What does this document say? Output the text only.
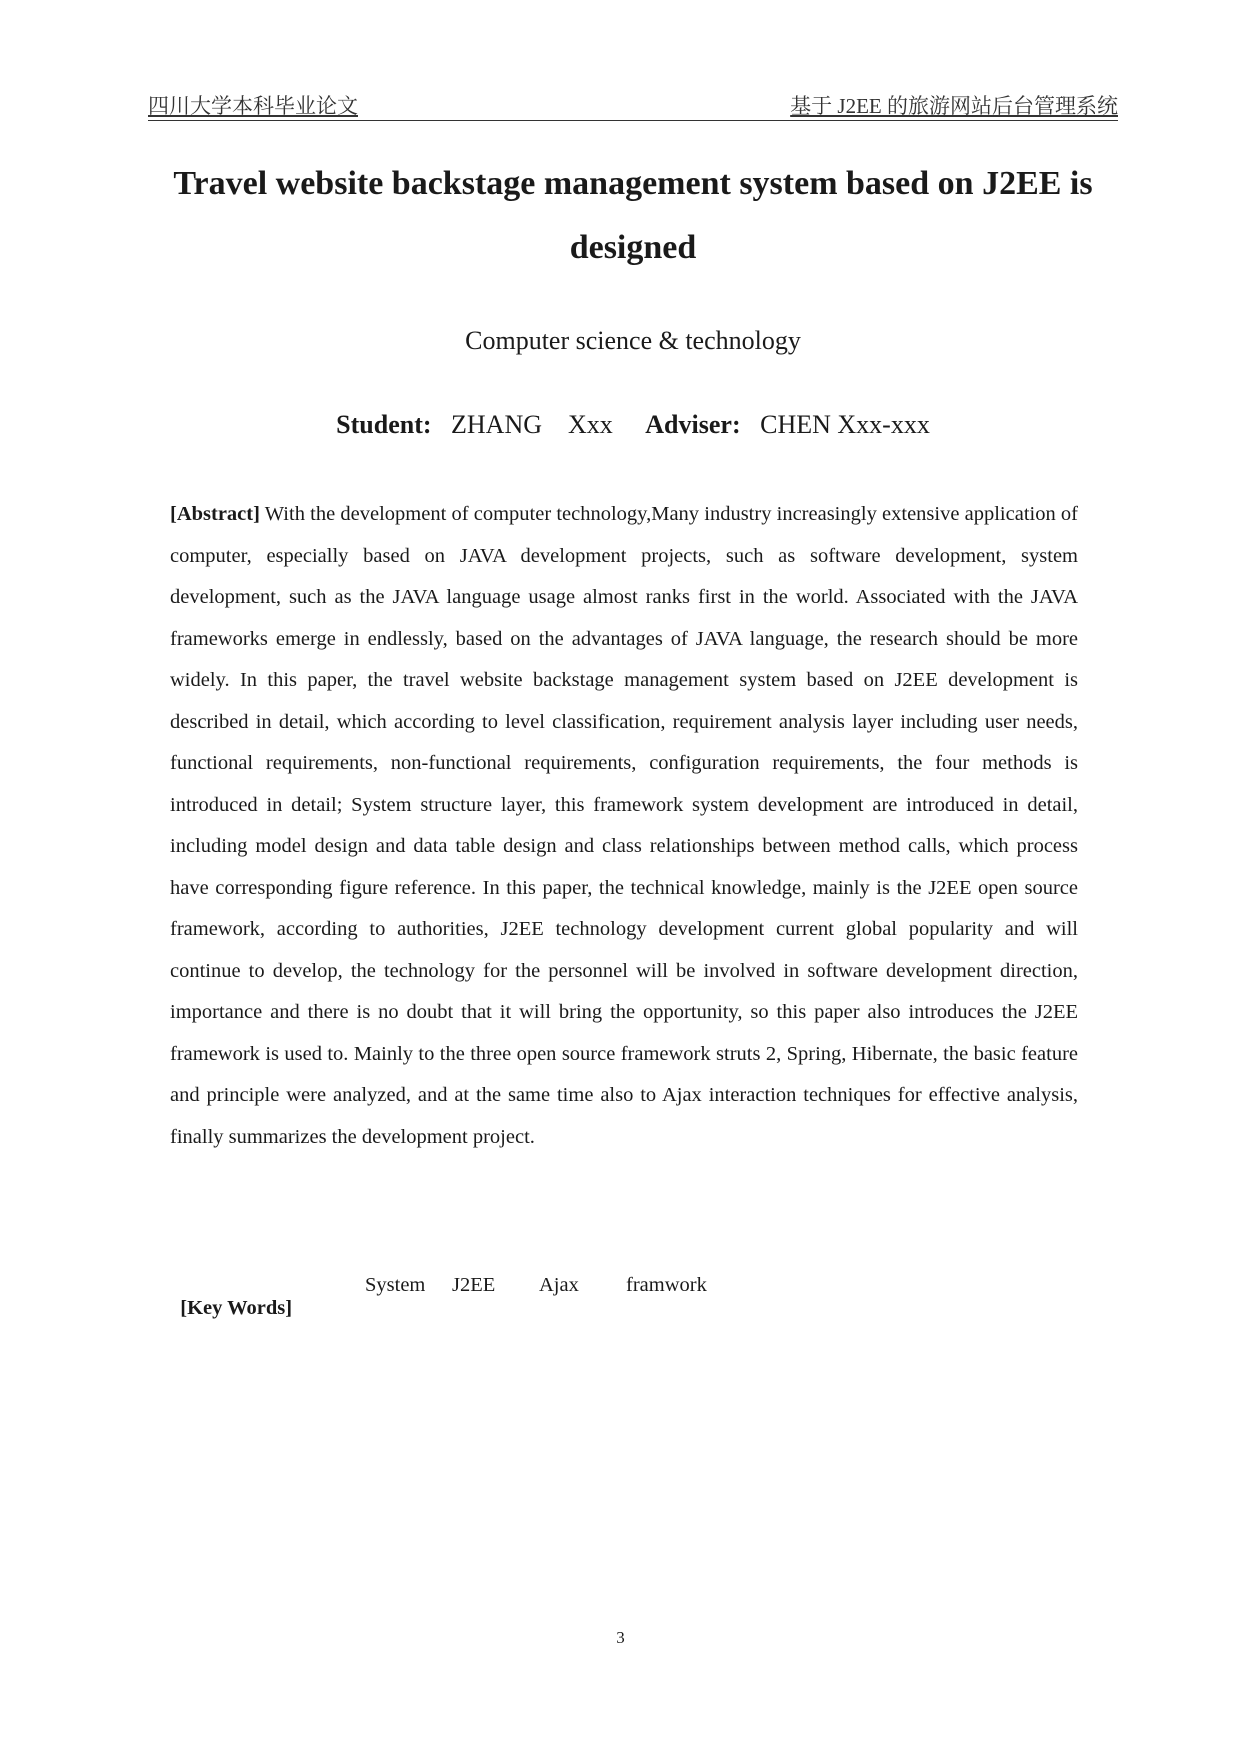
四川大学本科毕业论文	基于 J2EE 的旅游网站后台管理系统
Travel website backstage management system based on J2EE is designed
Computer science & technology
Student: ZHANG    Xxx Adviser: CHEN Xxx-xxx

[Abstract] With the development of computer technology,Many industry increasingly extensive application of computer, especially based on JAVA development projects, such as software development, system development, such as the JAVA language usage almost ranks first in the world. Associated with the JAVA frameworks emerge in endlessly, based on the advantages of JAVA language, the research should be more widely. In this paper, the travel website backstage management system based on J2EE development is described in detail, which according to level classification, requirement analysis layer including user needs, functional requirements, non-functional requirements, configuration requirements, the four methods is introduced in detail; System structure layer, this framework system development are introduced in detail, including model design and data table design and class relationships between method calls, which process have corresponding figure reference. In this paper, the technical knowledge, mainly is the J2EE open source framework, according to authorities, J2EE technology development current global popularity and will continue to develop, the technology for the personnel will be involved in software development direction, importance and there is no doubt that it will bring the opportunity, so this paper also introduces the J2EE framework is used to. Mainly to the three open source framework struts 2, Spring, Hibernate, the basic feature and principle were analyzed, and at the same time also to Ajax interaction techniques for effective analysis, finally summarizes the development project.

[Key Words]

System

J2EE

Ajax

framwork

3
